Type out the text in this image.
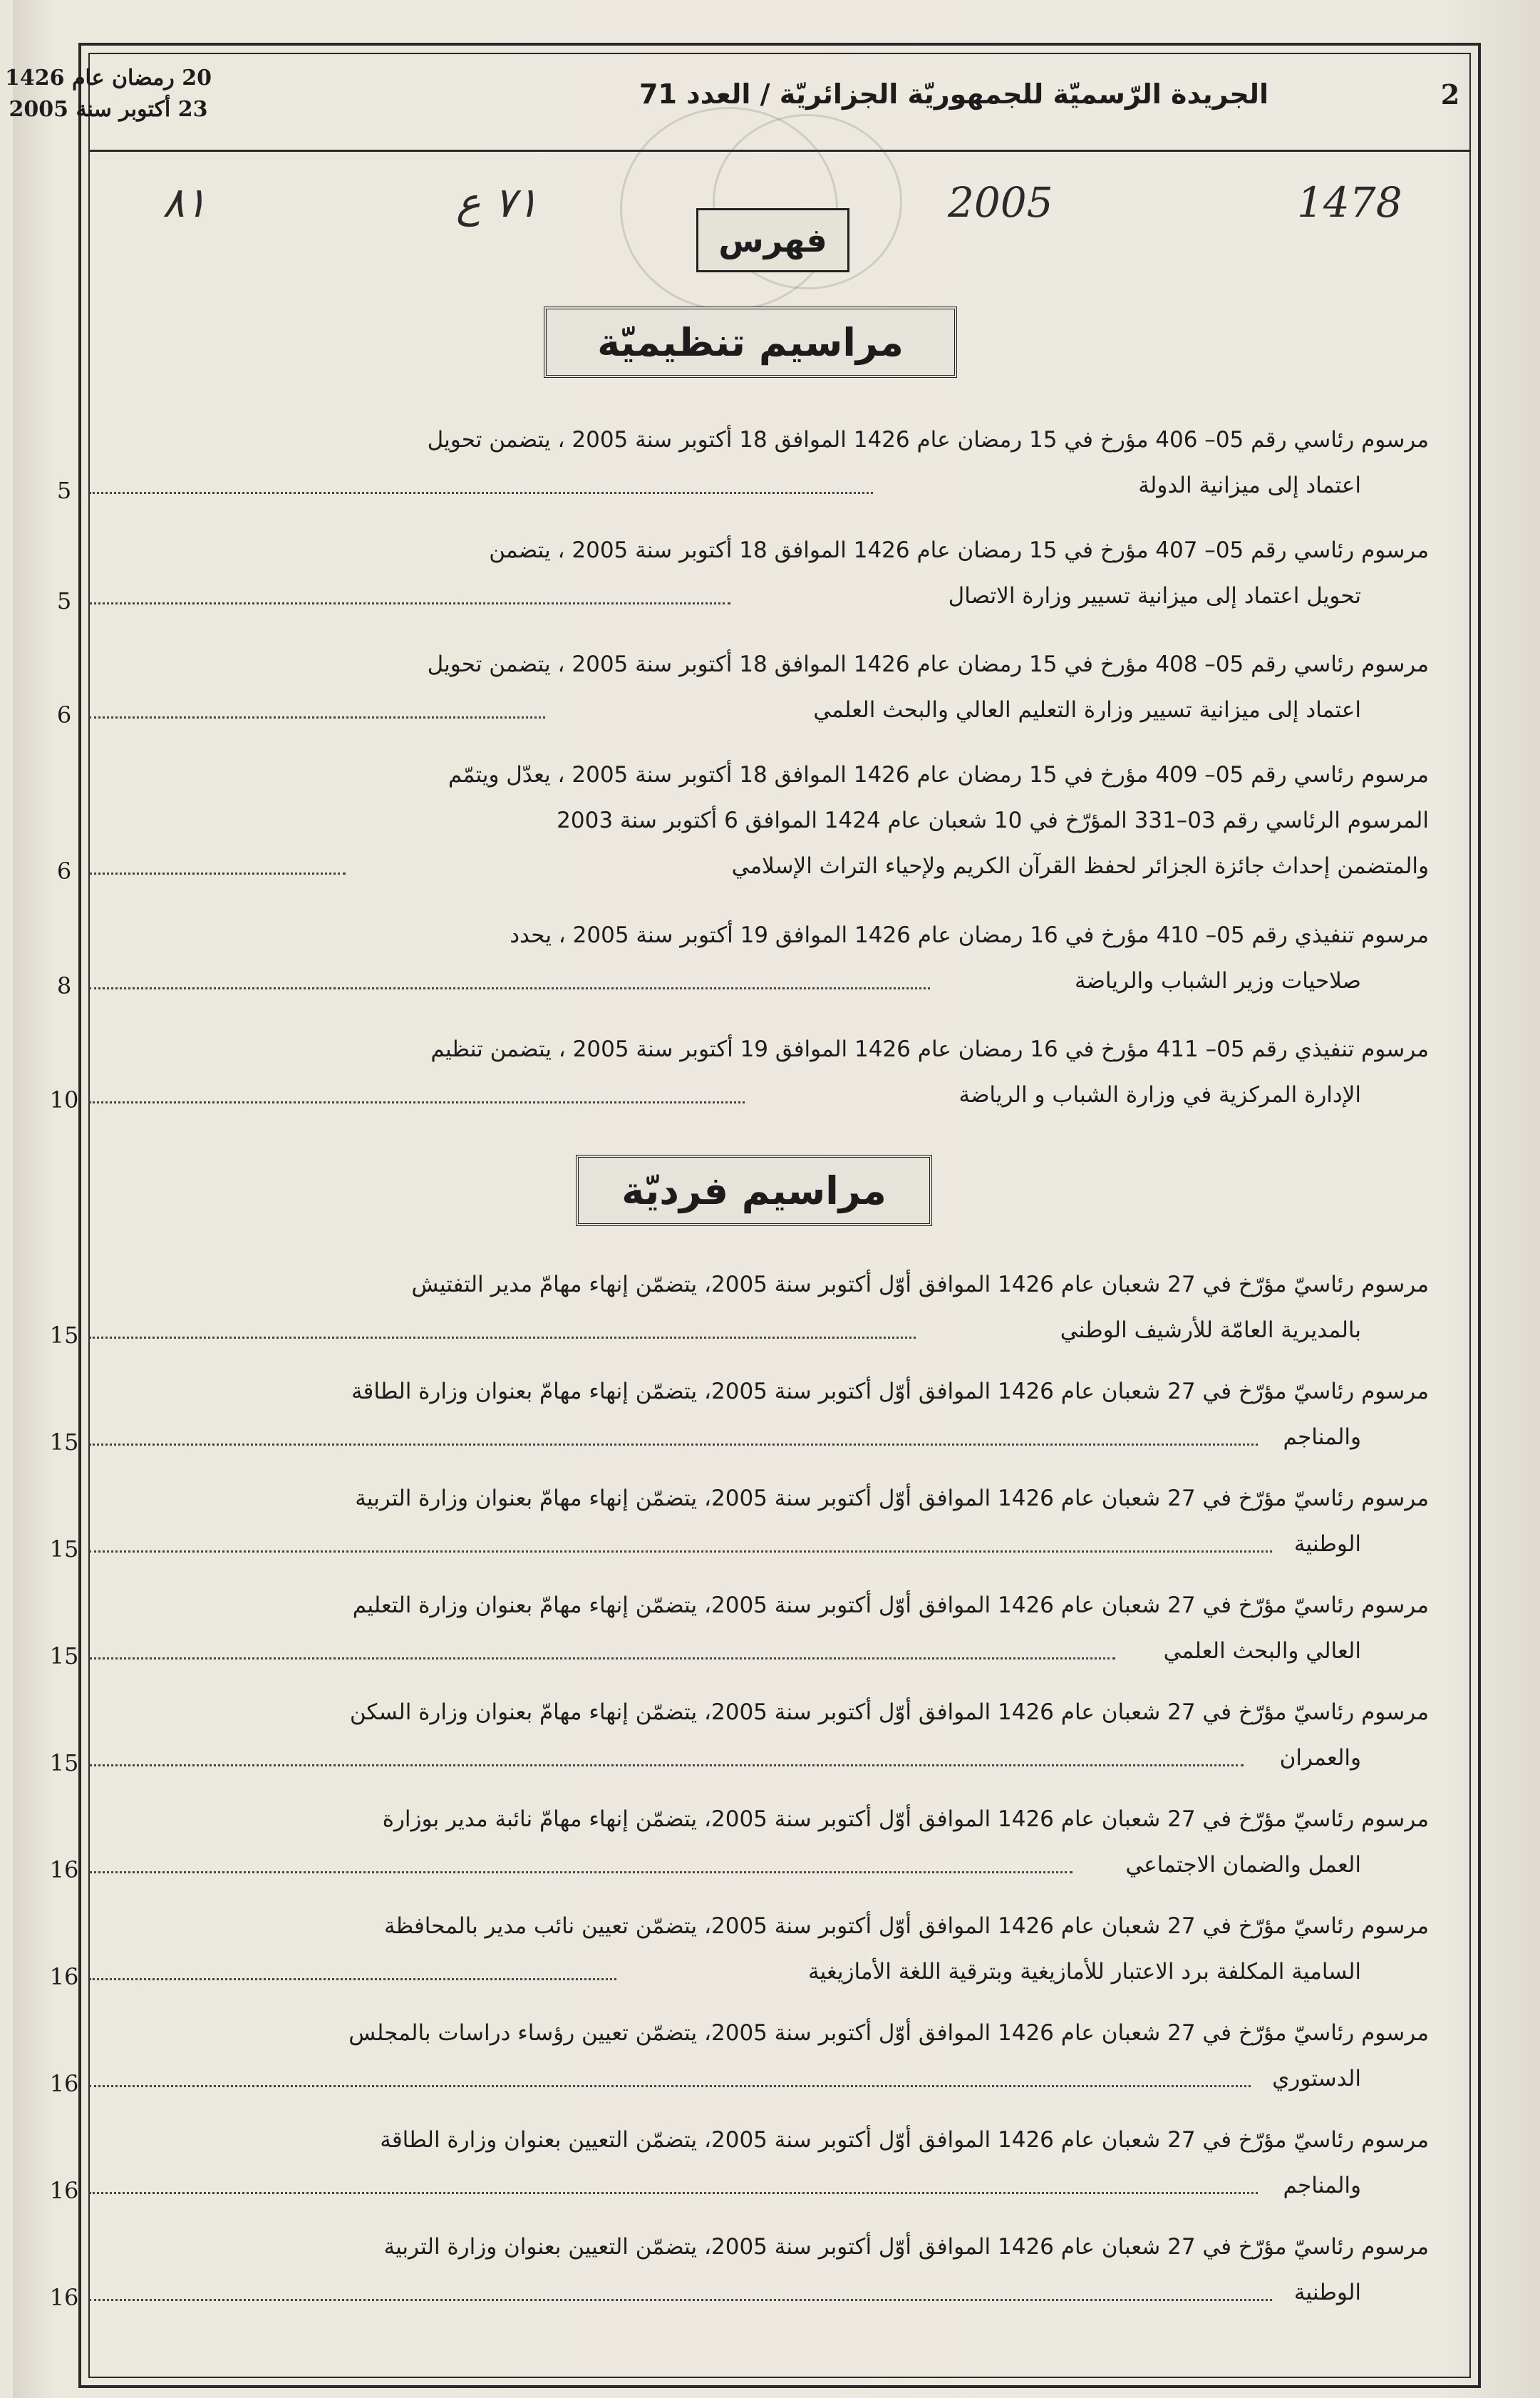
20 رمضان عام 1426
23 أكتوبر سنة 2005	الجريدة الرّسميّة للجمهوريّة الجزائريّة / العدد 71	2
٨١	٧١ ع	2005	1478
فهرس
مراسيم تنظيميّة
مرسوم رئاسي رقم 05– 406 مؤرخ في 15 رمضان عام 1426 الموافق 18 أكتوبر سنة 2005 ، يتضمن تحويل
اعتماد إلى ميزانية الدولة
5
مرسوم رئاسي رقم 05– 407 مؤرخ في 15 رمضان عام 1426 الموافق 18 أكتوبر سنة 2005 ، يتضمن
تحويل اعتماد إلى ميزانية تسيير وزارة الاتصال
5
مرسوم رئاسي رقم 05– 408 مؤرخ في 15 رمضان عام 1426 الموافق 18 أكتوبر سنة 2005 ، يتضمن تحويل
اعتماد إلى ميزانية تسيير وزارة التعليم العالي والبحث العلمي
6
مرسوم رئاسي رقم 05– 409 مؤرخ في 15 رمضان عام 1426 الموافق 18 أكتوبر سنة 2005 ، يعدّل ويتمّم
المرسوم الرئاسي رقم 03–331 المؤرّخ في 10 شعبان عام 1424 الموافق 6 أكتوبر سنة 2003
والمتضمن إحداث جائزة الجزائر لحفظ القرآن الكريم ولإحياء التراث الإسلامي
6
مرسوم تنفيذي رقم 05– 410 مؤرخ في 16 رمضان عام 1426 الموافق 19 أكتوبر سنة 2005 ، يحدد
صلاحيات وزير الشباب والرياضة
8
مرسوم تنفيذي رقم 05– 411 مؤرخ في 16 رمضان عام 1426 الموافق 19 أكتوبر سنة 2005 ، يتضمن تنظيم
الإدارة المركزية في وزارة الشباب و الرياضة
10
مراسيم فرديّة
مرسوم رئاسيّ مؤرّخ في 27 شعبان عام 1426 الموافق أوّل أكتوبر سنة 2005، يتضمّن إنهاء مهامّ مدير التفتيش
بالمديرية العامّة للأرشيف الوطني
15
مرسوم رئاسيّ مؤرّخ في 27 شعبان عام 1426 الموافق أوّل أكتوبر سنة 2005، يتضمّن إنهاء مهامّ بعنوان وزارة الطاقة
والمناجم
15
مرسوم رئاسيّ مؤرّخ في 27 شعبان عام 1426 الموافق أوّل أكتوبر سنة 2005، يتضمّن إنهاء مهامّ بعنوان وزارة التربية
الوطنية
15
مرسوم رئاسيّ مؤرّخ في 27 شعبان عام 1426 الموافق أوّل أكتوبر سنة 2005، يتضمّن إنهاء مهامّ بعنوان وزارة التعليم
العالي والبحث العلمي
15
مرسوم رئاسيّ مؤرّخ في 27 شعبان عام 1426 الموافق أوّل أكتوبر سنة 2005، يتضمّن إنهاء مهامّ بعنوان وزارة السكن
والعمران
15
مرسوم رئاسيّ مؤرّخ في 27 شعبان عام 1426 الموافق أوّل أكتوبر سنة 2005، يتضمّن إنهاء مهامّ نائبة مدير بوزارة
العمل والضمان الاجتماعي
16
مرسوم رئاسيّ مؤرّخ في 27 شعبان عام 1426 الموافق أوّل أكتوبر سنة 2005، يتضمّن تعيين نائب مدير بالمحافظة
السامية المكلفة برد الاعتبار للأمازيغية وبترقية اللغة الأمازيغية
16
مرسوم رئاسيّ مؤرّخ في 27 شعبان عام 1426 الموافق أوّل أكتوبر سنة 2005، يتضمّن تعيين رؤساء دراسات بالمجلس
الدستوري
16
مرسوم رئاسيّ مؤرّخ في 27 شعبان عام 1426 الموافق أوّل أكتوبر سنة 2005، يتضمّن التعيين بعنوان وزارة الطاقة
والمناجم
16
مرسوم رئاسيّ مؤرّخ في 27 شعبان عام 1426 الموافق أوّل أكتوبر سنة 2005، يتضمّن التعيين بعنوان وزارة التربية
الوطنية
16
